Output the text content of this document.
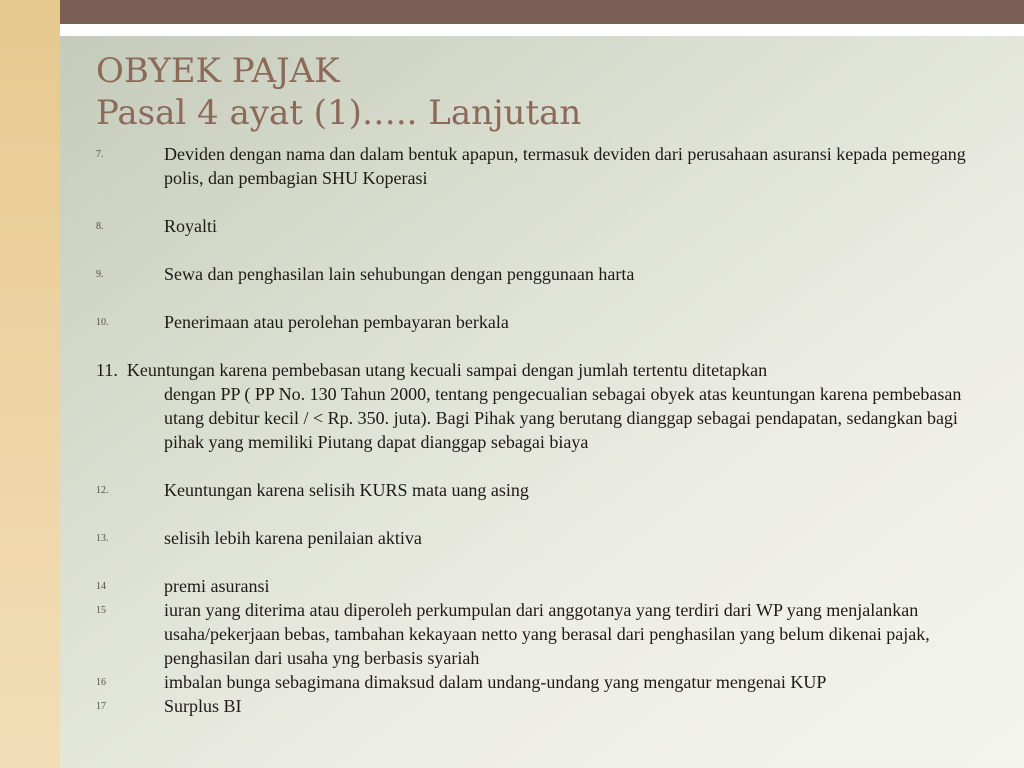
OBYEK PAJAK
Pasal 4 ayat (1)….. Lanjutan
7.	Deviden dengan nama dan dalam bentuk apapun, termasuk deviden dari perusahaan asuransi kepada pemegang polis, dan pembagian SHU Koperasi
8.	Royalti
9.	Sewa dan penghasilan lain sehubungan dengan penggunaan harta
10.	Penerimaan atau perolehan pembayaran berkala
11. Keuntungan karena pembebasan utang kecuali sampai dengan jumlah tertentu ditetapkan
dengan PP ( PP No. 130 Tahun 2000, tentang pengecualian sebagai obyek atas keuntungan karena pembebasan utang debitur kecil / < Rp. 350. juta). Bagi Pihak yang berutang dianggap sebagai pendapatan, sedangkan bagi pihak yang memiliki Piutang dapat dianggap sebagai biaya
12.	Keuntungan karena selisih KURS mata uang asing
13.	selisih lebih karena penilaian aktiva
14	premi asuransi
15	iuran yang diterima atau diperoleh perkumpulan dari anggotanya yang terdiri dari WP yang menjalankan usaha/pekerjaan bebas, tambahan kekayaan netto yang berasal dari penghasilan yang belum dikenai pajak, penghasilan dari usaha yng berbasis syariah
16	imbalan bunga sebagimana dimaksud dalam undang-undang yang mengatur mengenai KUP
17	Surplus BI
